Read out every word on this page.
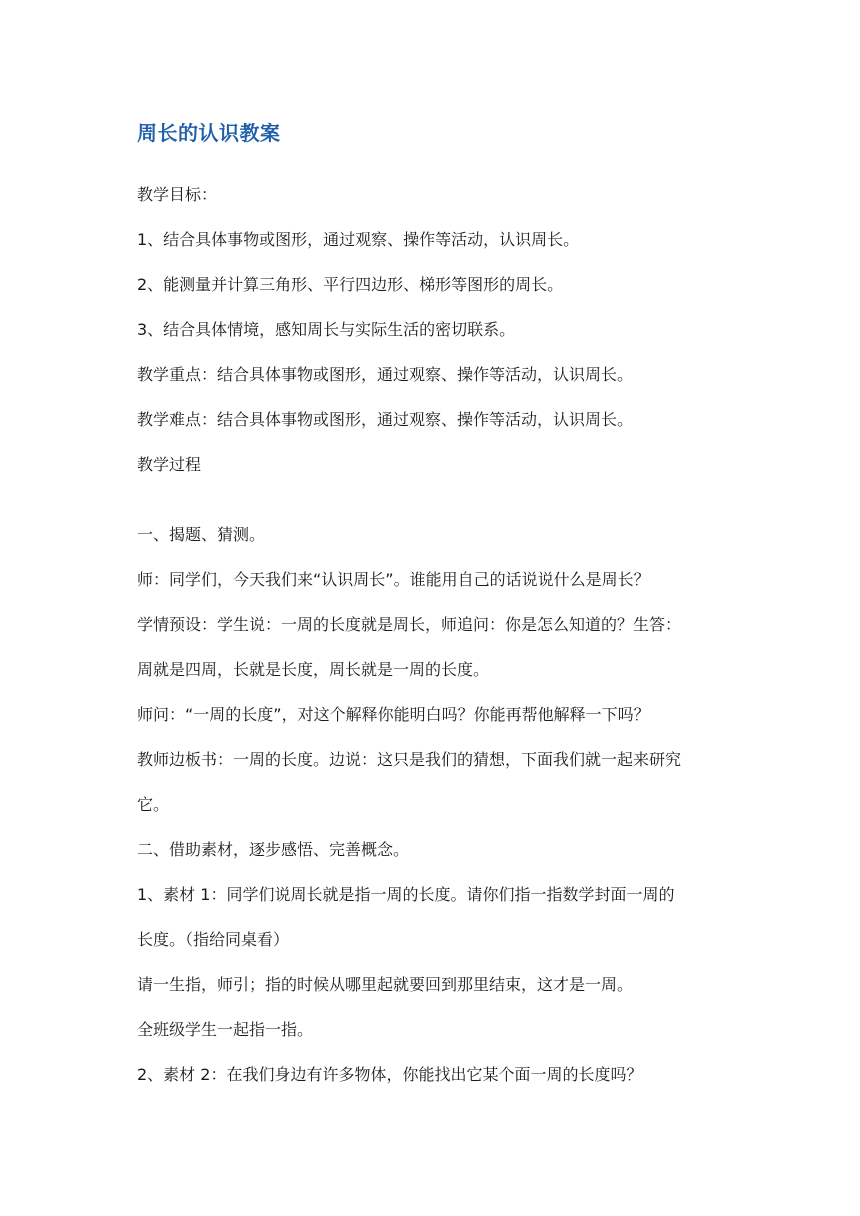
周长的认识教案

教学目标：

1、结合具体事物或图形，通过观察、操作等活动，认识周长。

2、能测量并计算三角形、平行四边形、梯形等图形的周长。

3、结合具体情境，感知周长与实际生活的密切联系。

教学重点：结合具体事物或图形，通过观察、操作等活动，认识周长。

教学难点：结合具体事物或图形，通过观察、操作等活动，认识周长。

教学过程

一、揭题、猜测。

师：同学们，今天我们来“认识周长”。谁能用自己的话说说什么是周长？

学情预设：学生说：一周的长度就是周长，师追问：你是怎么知道的？生答：

周就是四周，长就是长度，周长就是一周的长度。

师问：“一周的长度”，对这个解释你能明白吗？你能再帮他解释一下吗？

教师边板书：一周的长度。边说：这只是我们的猜想，下面我们就一起来研究

它。

二、借助素材，逐步感悟、完善概念。

1、素材 1：同学们说周长就是指一周的长度。请你们指一指数学封面一周的

长度。（指给同桌看）

请一生指，师引；指的时候从哪里起就要回到那里结束，这才是一周。

全班级学生一起指一指。

2、素材 2：在我们身边有许多物体，你能找出它某个面一周的长度吗？
